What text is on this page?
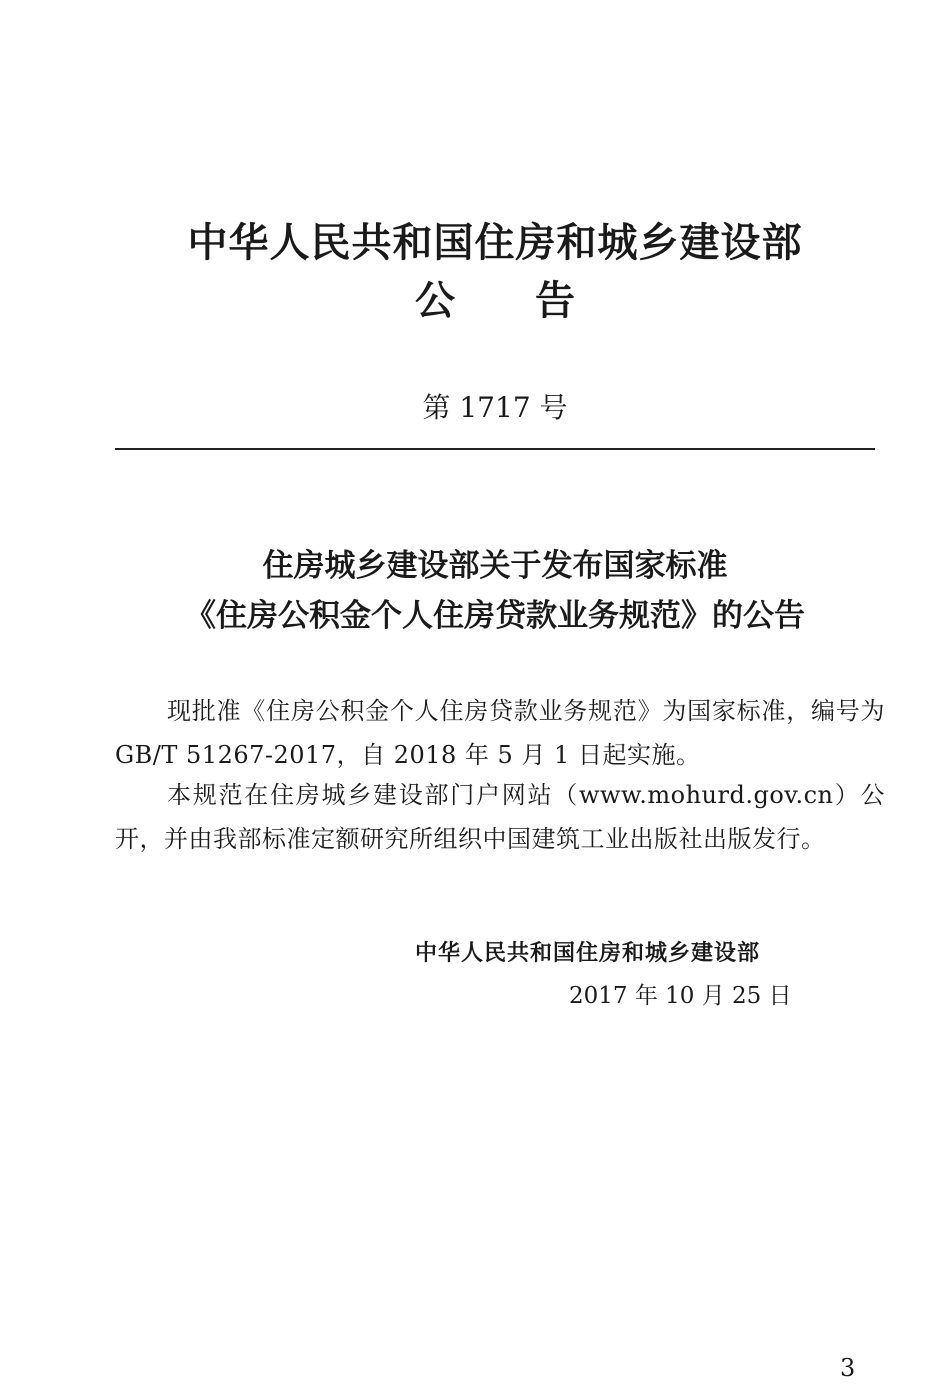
中华人民共和国住房和城乡建设部
公 告
第 1717 号
住房城乡建设部关于发布国家标准
《住房公积金个人住房贷款业务规范》的公告
现批准《住房公积金个人住房贷款业务规范》为国家标准，编号为 GB/T 51267-2017，自 2018 年 5 月 1 日起实施。
本规范在住房城乡建设部门户网站（www.mohurd.gov.cn）公开，并由我部标准定额研究所组织中国建筑工业出版社出版发行。
中华人民共和国住房和城乡建设部
2017 年 10 月 25 日
3
